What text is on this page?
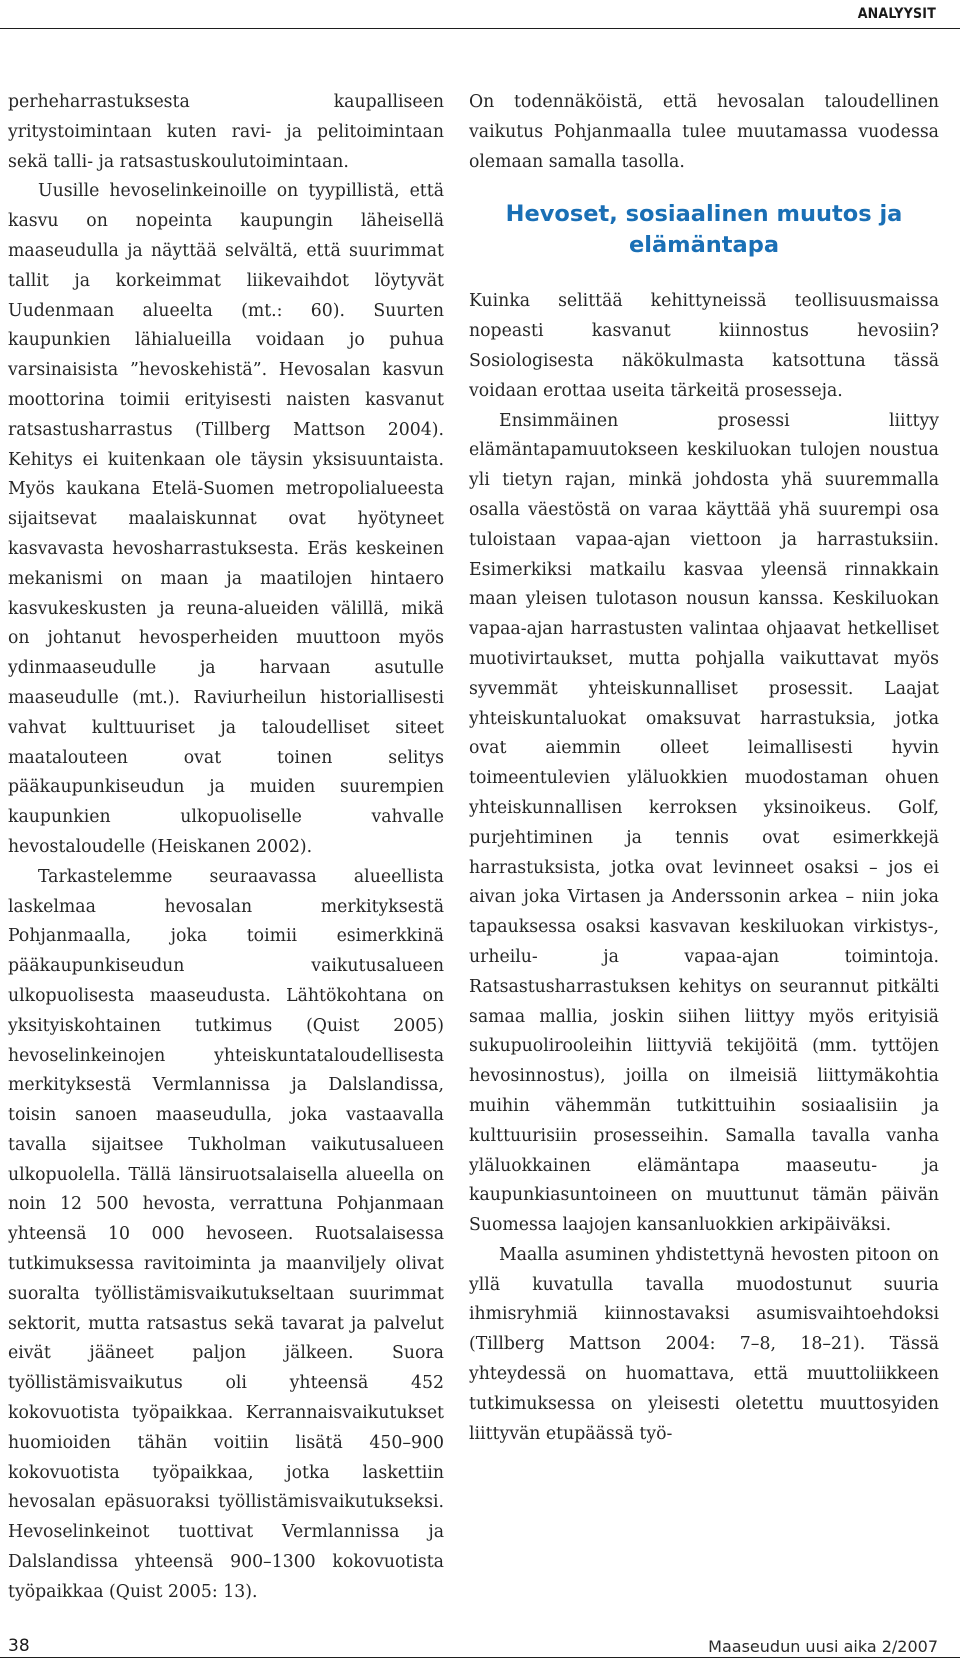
ANALYYSIT

perheharrastuksesta kaupalliseen yritystoimintaan kuten ravi- ja pelitoimintaan sekä talli- ja ratsastuskoulutoimintaan.

Uusille hevoselinkeinoille on tyypillistä, että kasvu on nopeinta kaupungin läheisellä maaseudulla ja näyttää selvältä, että suurimmat tallit ja korkeimmat liikevaihdot löytyvät Uudenmaan alueelta (mt.: 60). Suurten kaupunkien lähialueilla voidaan jo puhua varsinaisista ”hevoskehistä”. Hevosalan kasvun moottorina toimii erityisesti naisten kasvanut ratsastusharrastus (Tillberg Mattson 2004). Kehitys ei kuitenkaan ole täysin yksisuuntaista. Myös kaukana Etelä-Suomen metropolialueesta sijaitsevat maalaiskunnat ovat hyötyneet kasvavasta hevosharrastuksesta. Eräs keskeinen mekanismi on maan ja maatilojen hintaero kasvukeskusten ja reuna-alueiden välillä, mikä on johtanut hevosperheiden muuttoon myös ydinmaaseudulle ja harvaan asutulle maaseudulle (mt.). Raviurheilun historiallisesti vahvat kulttuuriset ja taloudelliset siteet maatalouteen ovat toinen selitys pääkaupunkiseudun ja muiden suurempien kaupunkien ulkopuoliselle vahvalle hevostaloudelle (Heiskanen 2002).

Tarkastelemme seuraavassa alueellista laskelmaa hevosalan merkityksestä Pohjanmaalla, joka toimii esimerkkinä pääkaupunkiseudun vaikutusalueen ulkopuolisesta maaseudusta. Lähtökohtana on yksityiskohtainen tutkimus (Quist 2005) hevoselinkeinojen yhteiskuntataloudellisesta merkityksestä Vermlannissa ja Dalslandissa, toisin sanoen maaseudulla, joka vastaavalla tavalla sijaitsee Tukholman vaikutusalueen ulkopuolella. Tällä länsiruotsalaisella alueella on noin 12 500 hevosta, verrattuna Pohjanmaan yhteensä 10 000 hevoseen. Ruotsalaisessa tutkimuksessa ravitoiminta ja maanviljely olivat suoralta työllistämisvaikutukseltaan suurimmat sektorit, mutta ratsastus sekä tavarat ja palvelut eivät jääneet paljon jälkeen. Suora työllistämisvaikutus oli yhteensä 452 kokovuotista työpaikkaa. Kerrannaisvaikutukset huomioiden tähän voitiin lisätä 450–900 kokovuotista työpaikkaa, jotka laskettiin hevosalan epäsuoraksi työllistämisvaikutukseksi. Hevoselinkeinot tuottivat Vermlannissa ja Dalslandissa yhteensä 900–1300 kokovuotista työpaikkaa (Quist 2005: 13).

On todennäköistä, että hevosalan taloudellinen vaikutus Pohjanmaalla tulee muutamassa vuodessa olemaan samalla tasolla.

Hevoset, sosiaalinen muutos ja elämäntapa

Kuinka selittää kehittyneissä teollisuusmaissa nopeasti kasvanut kiinnostus hevosiin? Sosiologisesta näkökulmasta katsottuna tässä voidaan erottaa useita tärkeitä prosesseja.

Ensimmäinen prosessi liittyy elämäntapamuutokseen keskiluokan tulojen noustua yli tietyn rajan, minkä johdosta yhä suuremmalla osalla väestöstä on varaa käyttää yhä suurempi osa tuloistaan vapaa-ajan viettoon ja harrastuksiin. Esimerkiksi matkailu kasvaa yleensä rinnakkain maan yleisen tulotason nousun kanssa. Keskiluokan vapaa-ajan harrastusten valintaa ohjaavat hetkelliset muotivirtaukset, mutta pohjalla vaikuttavat myös syvemmät yhteiskunnalliset prosessit. Laajat yhteiskuntaluokat omaksuvat harrastuksia, jotka ovat aiemmin olleet leimallisesti hyvin toimeentulevien yläluokkien muodostaman ohuen yhteiskunnallisen kerroksen yksinoikeus. Golf, purjehtiminen ja tennis ovat esimerkkejä harrastuksista, jotka ovat levinneet osaksi – jos ei aivan joka Virtasen ja Anderssonin arkea – niin joka tapauksessa osaksi kasvavan keskiluokan virkistys-, urheilu- ja vapaa-ajan toimintoja. Ratsastusharrastuksen kehitys on seurannut pitkälti samaa mallia, joskin siihen liittyy myös erityisiä sukupuolirooleihin liittyviä tekijöitä (mm. tyttöjen hevosinnostus), joilla on ilmeisiä liittymäkohtia muihin vähemmän tutkittuihin sosiaalisiin ja kulttuurisiin prosesseihin. Samalla tavalla vanha yläluokkainen elämäntapa maaseutu- ja kaupunkiasuntoineen on muuttunut tämän päivän Suomessa laajojen kansanluokkien arkipäiväksi.

Maalla asuminen yhdistettynä hevosten pitoon on yllä kuvatulla tavalla muodostunut suuria ihmisryhmiä kiinnostavaksi asumisvaihtoehdoksi (Tillberg Mattson 2004: 7–8, 18–21). Tässä yhteydessä on huomattava, että muuttoliikkeen tutkimuksessa on yleisesti oletettu muuttosyiden liittyvän etupäässä työ-

38	Maaseudun uusi aika 2/2007
